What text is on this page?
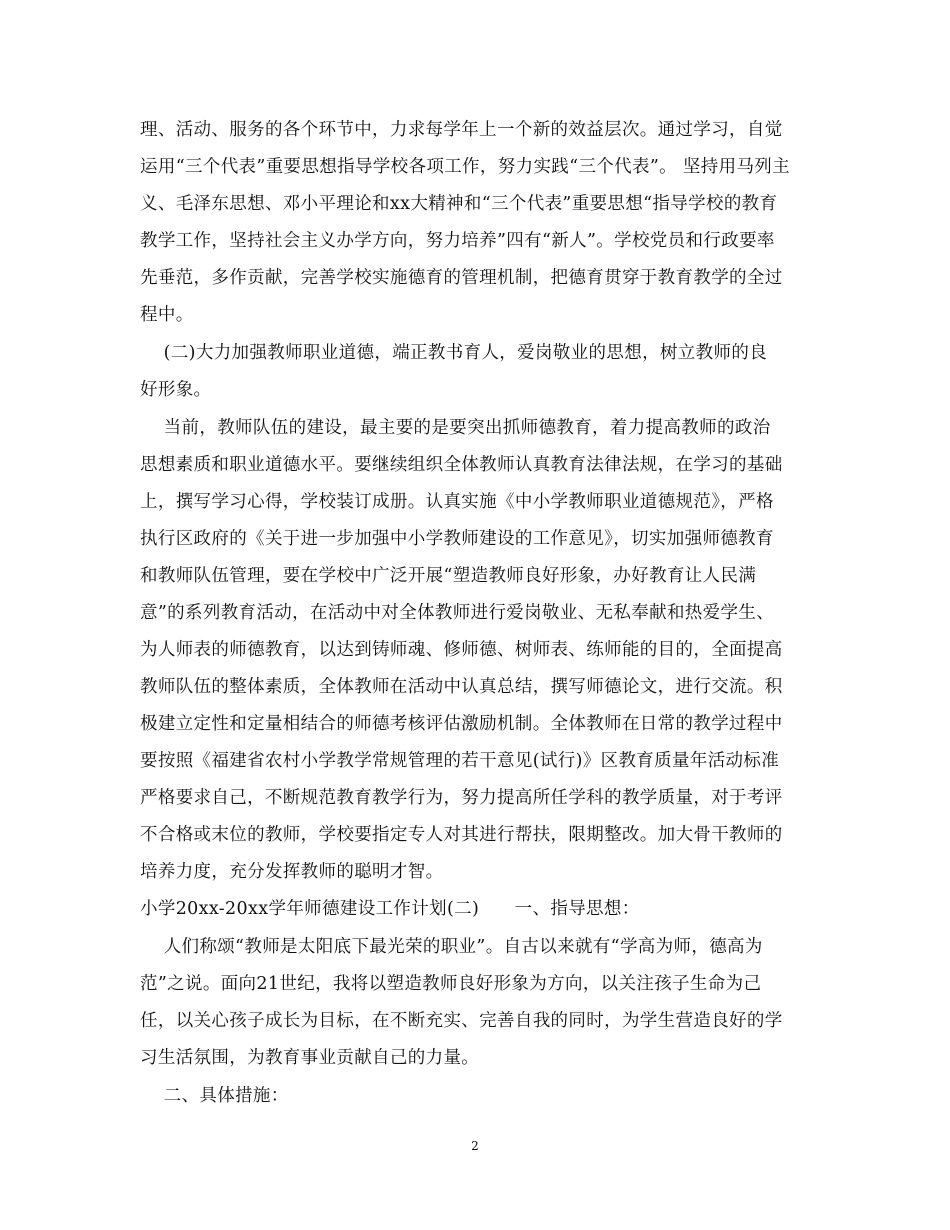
理、活动、服务的各个环节中，力求每学年上一个新的效益层次。通过学习，自觉
运用“三个代表”重要思想指导学校各项工作，努力实践“三个代表”。 坚持用马列主
义、毛泽东思想、邓小平理论和xx大精神和“三个代表”重要思想“指导学校的教育
教学工作，坚持社会主义办学方向，努力培养”四有“新人”。学校党员和行政要率
先垂范，多作贡献，完善学校实施德育的管理机制，把德育贯穿于教育教学的全过
程中。
(二)大力加强教师职业道德，端正教书育人，爱岗敬业的思想，树立教师的良
好形象。
当前，教师队伍的建设，最主要的是要突出抓师德教育，着力提高教师的政治
思想素质和职业道德水平。要继续组织全体教师认真教育法律法规，在学习的基础
上，撰写学习心得，学校装订成册。认真实施《中小学教师职业道德规范》，严格
执行区政府的《关于进一步加强中小学教师建设的工作意见》，切实加强师德教育
和教师队伍管理，要在学校中广泛开展“塑造教师良好形象，办好教育让人民满
意”的系列教育活动，在活动中对全体教师进行爱岗敬业、无私奉献和热爱学生、
为人师表的师德教育，以达到铸师魂、修师德、树师表、练师能的目的，全面提高
教师队伍的整体素质，全体教师在活动中认真总结，撰写师德论文，进行交流。积
极建立定性和定量相结合的师德考核评估激励机制。全体教师在日常的教学过程中
要按照《福建省农村小学教学常规管理的若干意见(试行)》区教育质量年活动标准
严格要求自己，不断规范教育教学行为，努力提高所任学科的教学质量，对于考评
不合格或末位的教师，学校要指定专人对其进行帮扶，限期整改。加大骨干教师的
培养力度，充分发挥教师的聪明才智。
小学20xx-20xx学年师德建设工作计划(二)      一、指导思想：
人们称颂“教师是太阳底下最光荣的职业”。自古以来就有“学高为师，德高为
范”之说。面向21世纪，我将以塑造教师良好形象为方向，以关注孩子生命为己
任，以关心孩子成长为目标，在不断充实、完善自我的同时，为学生营造良好的学
习生活氛围，为教育事业贡献自己的力量。
二、具体措施：
2
